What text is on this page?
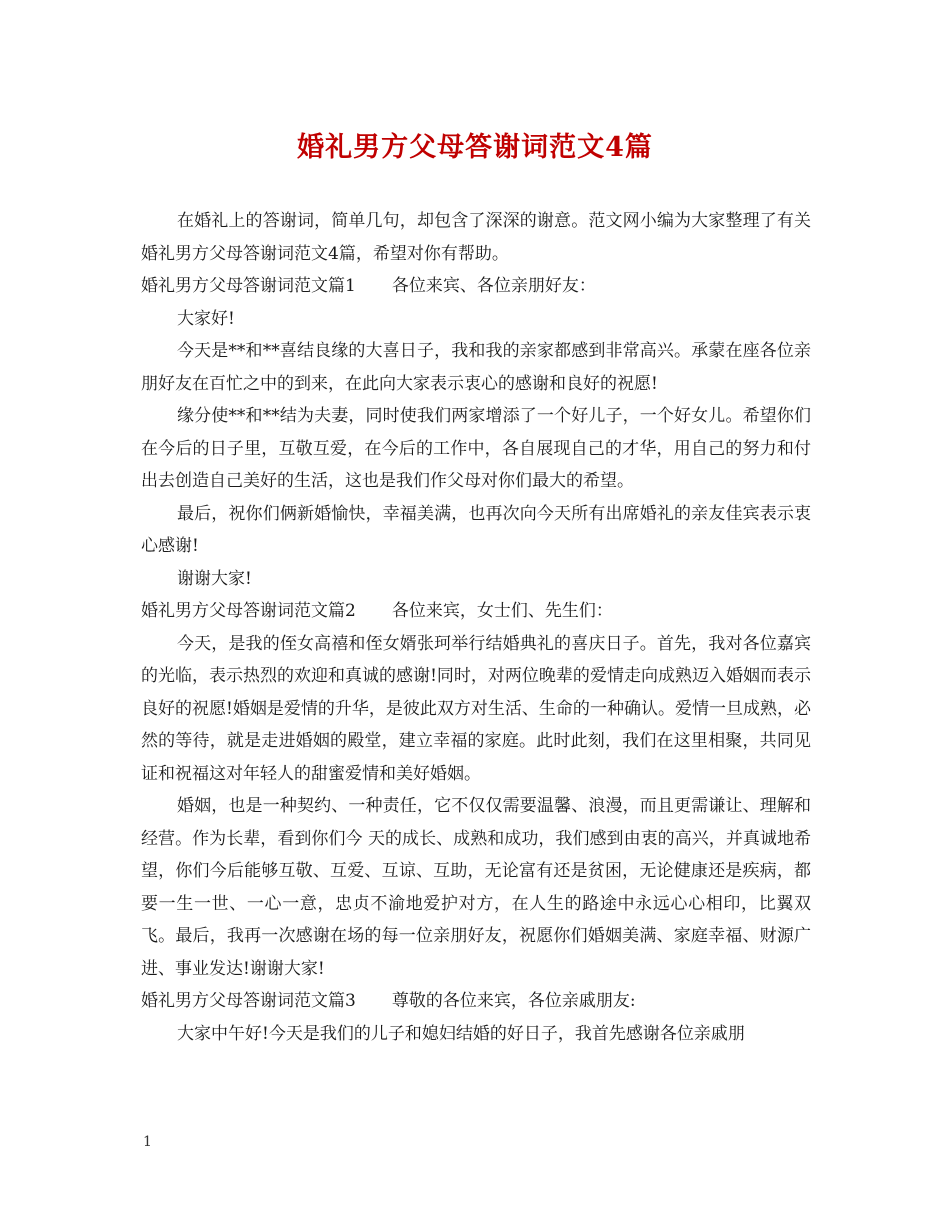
婚礼男方父母答谢词范文4篇

在婚礼上的答谢词，简单几句，却包含了深深的谢意。范文网小编为大家整理了有关婚礼男方父母答谢词范文4篇，希望对你有帮助。

婚礼男方父母答谢词范文篇1 各位来宾、各位亲朋好友：

大家好!

今天是**和**喜结良缘的大喜日子，我和我的亲家都感到非常高兴。承蒙在座各位亲朋好友在百忙之中的到来，在此向大家表示衷心的感谢和良好的祝愿!

缘分使**和**结为夫妻，同时使我们两家增添了一个好儿子，一个好女儿。希望你们在今后的日子里，互敬互爱，在今后的工作中，各自展现自己的才华，用自己的努力和付出去创造自己美好的生活，这也是我们作父母对你们最大的希望。

最后，祝你们俩新婚愉快，幸福美满，也再次向今天所有出席婚礼的亲友佳宾表示衷心感谢!

谢谢大家!

婚礼男方父母答谢词范文篇2 各位来宾，女士们、先生们：

今天，是我的侄女高禧和侄女婿张珂举行结婚典礼的喜庆日子。首先，我对各位嘉宾的光临，表示热烈的欢迎和真诚的感谢!同时，对两位晚辈的爱情走向成熟迈入婚姻而表示良好的祝愿!婚姻是爱情的升华，是彼此双方对生活、生命的一种确认。爱情一旦成熟，必然的等待，就是走进婚姻的殿堂，建立幸福的家庭。此时此刻，我们在这里相聚，共同见证和祝福这对年轻人的甜蜜爱情和美好婚姻。

婚姻，也是一种契约、一种责任，它不仅仅需要温馨、浪漫，而且更需谦让、理解和经营。作为长辈，看到你们今 天的成长、成熟和成功，我们感到由衷的高兴，并真诚地希望，你们今后能够互敬、互爱、互谅、互助，无论富有还是贫困，无论健康还是疾病，都要一生一世、一心一意，忠贞不渝地爱护对方，在人生的路途中永远心心相印，比翼双飞。最后，我再一次感谢在场的每一位亲朋好友，祝愿你们婚姻美满、家庭幸福、财源广进、事业发达!谢谢大家!

婚礼男方父母答谢词范文篇3 尊敬的各位来宾，各位亲戚朋友:

大家中午好!今天是我们的儿子和媳妇结婚的好日子，我首先感谢各位亲戚朋

1
